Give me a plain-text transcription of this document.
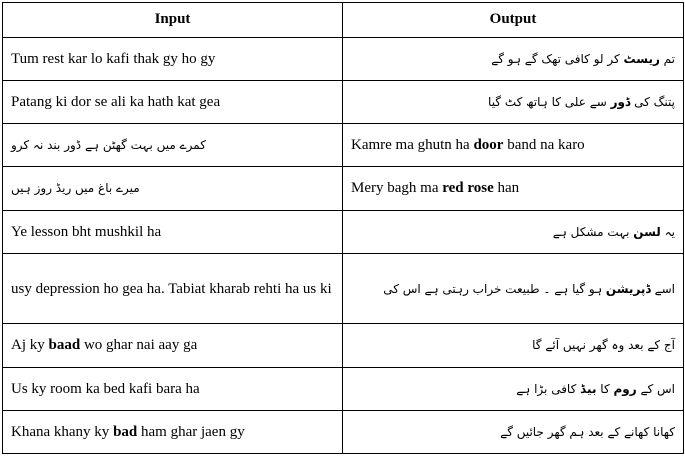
Input	Output
Tum rest kar lo kafi thak gy ho gy	تم ریسٹ کر لو کافی تھک گے ہو گے
Patang ki dor se ali ka hath kat gea	پتنگ کی ڈور سے علی کا ہاتھ کٹ گیا
کمرے میں بہت گھٹن ہے ڈور بند نہ کرو	Kamre ma ghutn ha door band na karo
میرے باغ میں ریڈ روز ہیں	Mery bagh ma red rose han
Ye lesson bht mushkil ha	یہ لسن بہت مشکل ہے
usy depression ho gea ha. Tabiat kharab rehti ha us ki	اسے ڈپریشن ہو گیا ہے ۔ طبیعت خراب رہتی ہے اس کی
Aj ky baad wo ghar nai aay ga	آج کے بعد وہ گھر نہیں آئے گا
Us ky room ka bed kafi bara ha	اس کے روم کا بیڈ کافی بڑا ہے
Khana khany ky bad ham ghar jaen gy	کھانا کھانے کے بعد ہم گھر جائیں گے
